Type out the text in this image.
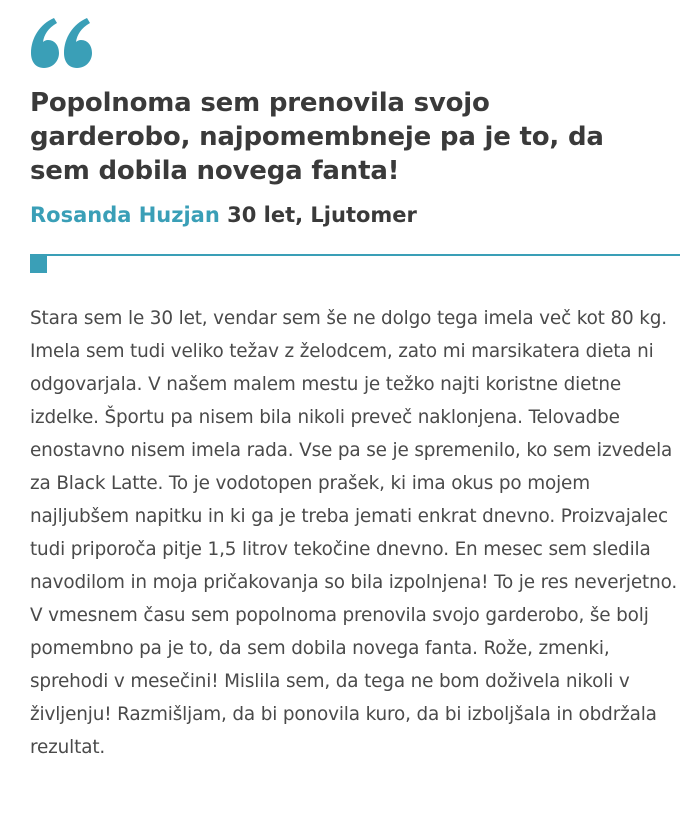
Popolnoma sem prenovila svojo garderobo, najpomembneje pa je to, da sem dobila novega fanta!
Rosanda Huzjan 30 let, Ljutomer

Stara sem le 30 let, vendar sem še ne dolgo tega imela več kot 80 kg. Imela sem tudi veliko težav z želodcem, zato mi marsikatera dieta ni odgovarjala. V našem malem mestu je težko najti koristne dietne izdelke. Športu pa nisem bila nikoli preveč naklonjena. Telovadbe enostavno nisem imela rada. Vse pa se je spremenilo, ko sem izvedela za Black Latte. To je vodotopen prašek, ki ima okus po mojem najljubšem napitku in ki ga je treba jemati enkrat dnevno. Proizvajalec tudi priporoča pitje 1,5 litrov tekočine dnevno. En mesec sem sledila navodilom in moja pričakovanja so bila izpolnjena! To je res neverjetno. V vmesnem času sem popolnoma prenovila svojo garderobo, še bolj pomembno pa je to, da sem dobila novega fanta. Rože, zmenki, sprehodi v mesečini! Mislila sem, da tega ne bom doživela nikoli v življenju! Razmišljam, da bi ponovila kuro, da bi izboljšala in obdržala rezultat.
